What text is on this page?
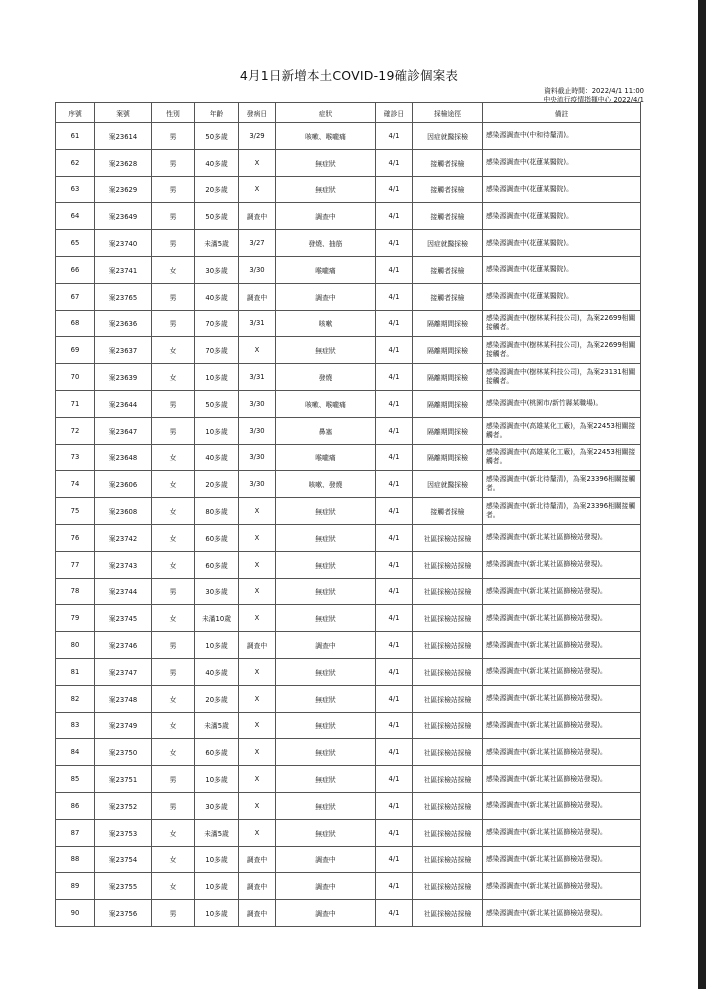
4月1日新增本土COVID-19確診個案表
資料截止時間：2022/4/1 11:00
中央流行疫情指揮中心 2022/4/1
序號	案號	性別	年齡	發病日	症狀	確診日	採檢途徑	備註
61	案23614	男	50多歲	3/29	咳嗽、喉嚨痛	4/1	因症就醫採檢	感染源調查中(中和待釐清)。
62	案23628	男	40多歲	X	無症狀	4/1	接觸者採檢	感染源調查中(花蓮某醫院)。
63	案23629	男	20多歲	X	無症狀	4/1	接觸者採檢	感染源調查中(花蓮某醫院)。
64	案23649	男	50多歲	調查中	調查中	4/1	接觸者採檢	感染源調查中(花蓮某醫院)。
65	案23740	男	未滿5歲	3/27	發燒、抽筋	4/1	因症就醫採檢	感染源調查中(花蓮某醫院)。
66	案23741	女	30多歲	3/30	喉嚨痛	4/1	接觸者採檢	感染源調查中(花蓮某醫院)。
67	案23765	男	40多歲	調查中	調查中	4/1	接觸者採檢	感染源調查中(花蓮某醫院)。
68	案23636	男	70多歲	3/31	咳嗽	4/1	隔離期間採檢	感染源調查中(樹林某科技公司)，為案22699相關接觸者。
69	案23637	女	70多歲	X	無症狀	4/1	隔離期間採檢	感染源調查中(樹林某科技公司)，為案22699相關接觸者。
70	案23639	女	10多歲	3/31	發燒	4/1	隔離期間採檢	感染源調查中(樹林某科技公司)，為案23131相關接觸者。
71	案23644	男	50多歲	3/30	咳嗽、喉嚨痛	4/1	隔離期間採檢	感染源調查中(桃園市/新竹縣某職場)。
72	案23647	男	10多歲	3/30	鼻塞	4/1	隔離期間採檢	感染源調查中(高雄某化工廠)，為案22453相關接觸者。
73	案23648	女	40多歲	3/30	喉嚨痛	4/1	隔離期間採檢	感染源調查中(高雄某化工廠)，為案22453相關接觸者。
74	案23606	女	20多歲	3/30	咳嗽、發燒	4/1	因症就醫採檢	感染源調查中(新北待釐清)，為案23396相關接觸者。
75	案23608	女	80多歲	X	無症狀	4/1	接觸者採檢	感染源調查中(新北待釐清)，為案23396相關接觸者。
76	案23742	女	60多歲	X	無症狀	4/1	社區採檢站採檢	感染源調查中(新北某社區篩檢站發現)。
77	案23743	女	60多歲	X	無症狀	4/1	社區採檢站採檢	感染源調查中(新北某社區篩檢站發現)。
78	案23744	男	30多歲	X	無症狀	4/1	社區採檢站採檢	感染源調查中(新北某社區篩檢站發現)。
79	案23745	女	未滿10歲	X	無症狀	4/1	社區採檢站採檢	感染源調查中(新北某社區篩檢站發現)。
80	案23746	男	10多歲	調查中	調查中	4/1	社區採檢站採檢	感染源調查中(新北某社區篩檢站發現)。
81	案23747	男	40多歲	X	無症狀	4/1	社區採檢站採檢	感染源調查中(新北某社區篩檢站發現)。
82	案23748	女	20多歲	X	無症狀	4/1	社區採檢站採檢	感染源調查中(新北某社區篩檢站發現)。
83	案23749	女	未滿5歲	X	無症狀	4/1	社區採檢站採檢	感染源調查中(新北某社區篩檢站發現)。
84	案23750	女	60多歲	X	無症狀	4/1	社區採檢站採檢	感染源調查中(新北某社區篩檢站發現)。
85	案23751	男	10多歲	X	無症狀	4/1	社區採檢站採檢	感染源調查中(新北某社區篩檢站發現)。
86	案23752	男	30多歲	X	無症狀	4/1	社區採檢站採檢	感染源調查中(新北某社區篩檢站發現)。
87	案23753	女	未滿5歲	X	無症狀	4/1	社區採檢站採檢	感染源調查中(新北某社區篩檢站發現)。
88	案23754	女	10多歲	調查中	調查中	4/1	社區採檢站採檢	感染源調查中(新北某社區篩檢站發現)。
89	案23755	女	10多歲	調查中	調查中	4/1	社區採檢站採檢	感染源調查中(新北某社區篩檢站發現)。
90	案23756	男	10多歲	調查中	調查中	4/1	社區採檢站採檢	感染源調查中(新北某社區篩檢站發現)。
